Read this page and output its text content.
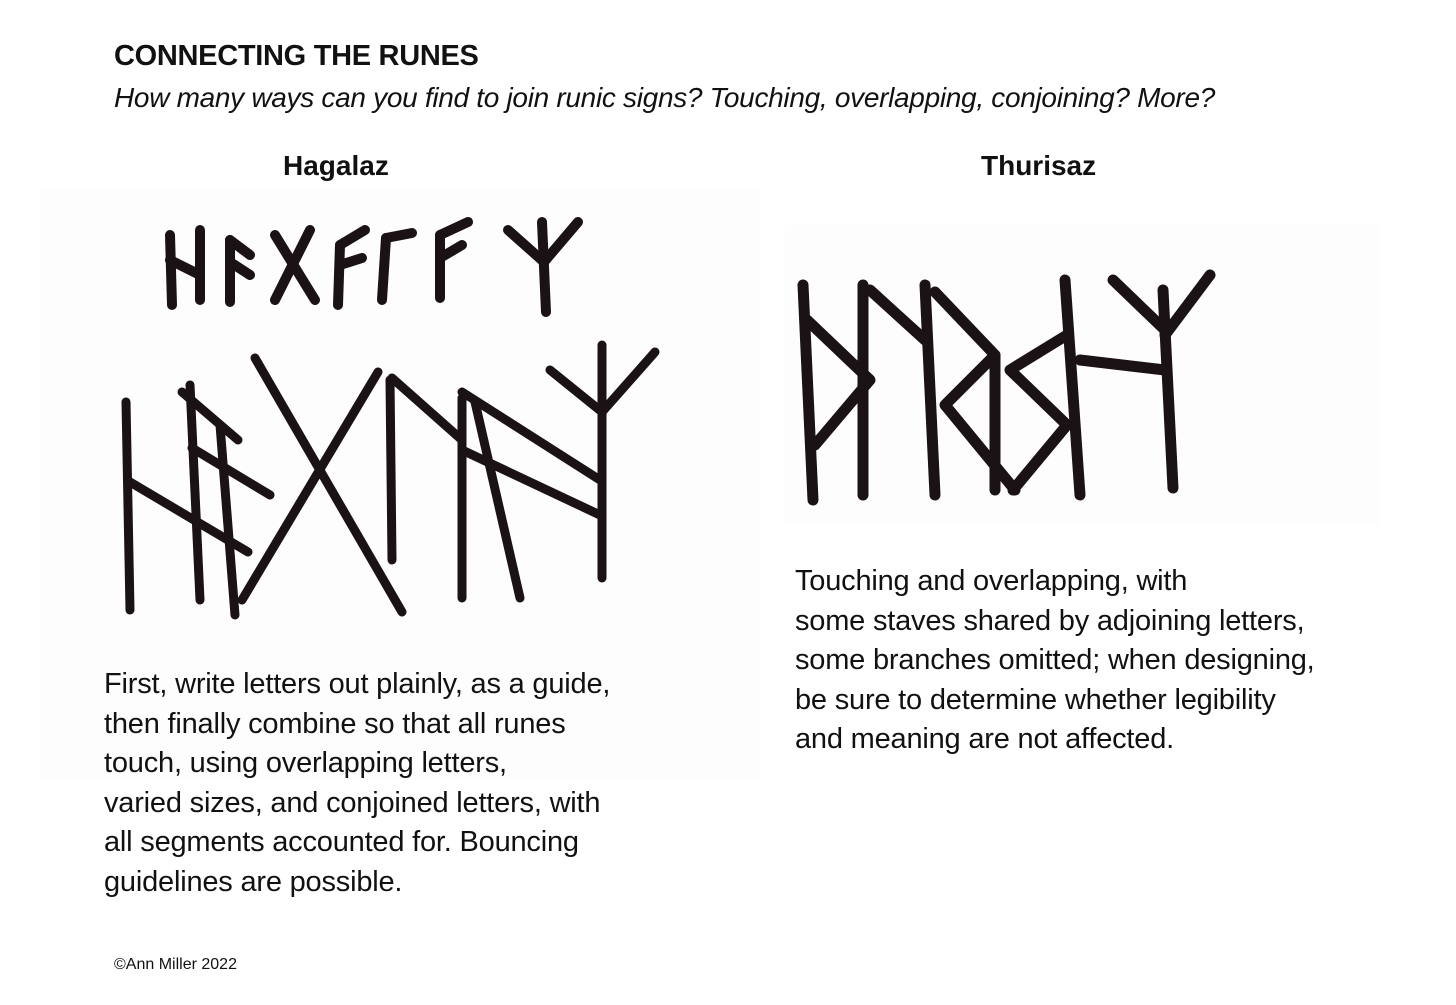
CONNECTING THE RUNES
How many ways can you find to join runic signs? Touching, overlapping, conjoining? More?
Hagalaz	Thurisaz
First, write letters out plainly, as a guide,
then finally combine so that all runes
touch, using overlapping letters,
varied sizes, and conjoined letters, with
all segments accounted for. Bouncing
guidelines are possible.
Touching and overlapping, with
some staves shared by adjoining letters,
some branches omitted; when designing,
be sure to determine whether legibility
and meaning are not affected.
©Ann Miller 2022
